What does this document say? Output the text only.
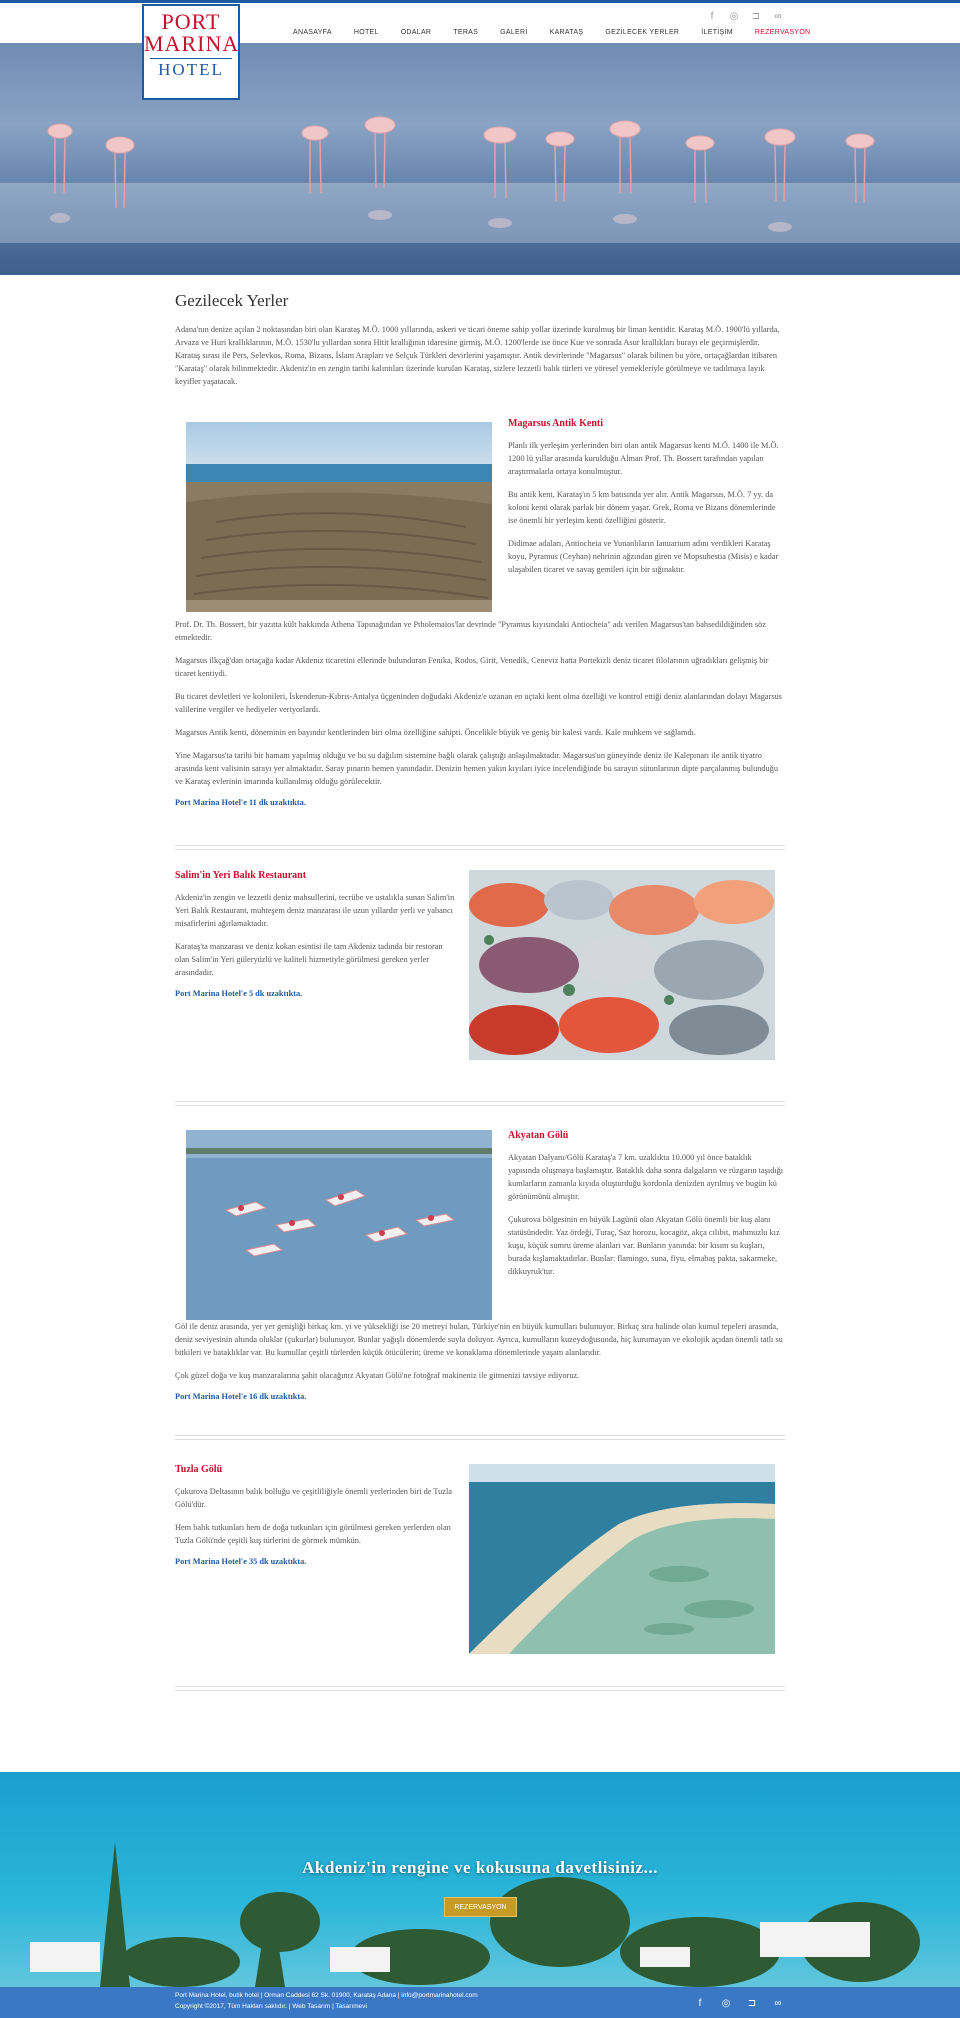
PORT
MARINA
HOTEL
f	◎ ⊐	∞
ANASAYFA	HOTEL	ODALAR	TERAS	GALERİ	KARATAŞ	GEZİLECEK YERLER	İLETİŞİM	REZERVASYON
Gezilecek Yerler

Adana'nın denize açılan 2 noktasından biri olan Karataş M.Ö. 1000 yıllarında, askeri ve ticari öneme sahip yollar üzerinde kurulmuş bir liman kentidir. Karataş M.Ö. 1900'lü yıllarda, Arvaza ve Huri krallıklarının, M.Ö. 1530'lu yıllardan sonra Hitit krallığının idaresine girmiş, M.Ö. 1200'lerde ise önce Kue ve sonrada Asur krallıkları burayı ele geçirmişlerdir. Karataş sırası ile Pers, Selevkos, Roma, Bizans, İslam Arapları ve Selçuk Türkleri devirlerini yaşamıştır. Antik devirlerinde "Magarsus" olarak bilinen bu yöre, ortaçağlardan itibaren "Karataş" olarak bilinmektedir. Akdeniz'in en zengin tarihi kalıntıları üzerinde kurulan Karataş, sizlere lezzetli balık türleri ve yöresel yemekleriyle görülmeye ve tadılmaya layık keyifler yaşatacak.

Magarsus Antik Kenti

Planlı ilk yerleşim yerlerinden biri olan antik Magarsus kenti M.Ö. 1400 ile M.Ö. 1200 lü yıllar arasında kurulduğu Alman Prof. Th. Bossert tarafından yapılan araştırmalarla ortaya konulmuştur.

Bu antik kent, Karataş'ın 5 km batısında yer alır. Antik Magarsus, M.Ö. 7 yy. da koloni kenti olarak parlak bir dönem yaşar. Grek, Roma ve Bizans dönemlerinde ise önemli bir yerleşim kenti özelliğini gösterir.

Didimae adaları, Antiocheia ve Yunanlıların Ianuarium adını verdikleri Karataş koyu, Pyramus (Ceyhan) nehrinin ağzından giren ve Mopsuhestia (Misis) e kadar ulaşabilen ticaret ve savaş gemileri için bir sığınaktır.

Prof. Dr. Th. Bossert, bir yazıtta kült hakkında Athena Tapınağından ve Ptholemaios'lar devrinde "Pyramus kıyısındaki Antiocheia" adı verilen Magarsus'tan bahsedildiğinden söz etmektedir.

Magarsus ilkçağ'dan ortaçağa kadar Akdeniz ticaretini ellerinde bulunduran Fenika, Rodos, Girit, Venedik, Ceneviz hatta Portekizli deniz ticaret filolarının uğradıkları gelişmiş bir ticaret kentiydi.

Bu ticaret devletleri ve kolonileri, İskenderun-Kıbrıs-Antalya üçgeninden doğudaki Akdeniz'e uzanan en uçtaki kent olma özelliği ve kontrol ettiği deniz alanlarından dolayı Magarsus valilerine vergiler ve hediyeler veriyorlardı.

Magarsus Antik kenti, döneminin en bayındır kentlerinden biri olma özelliğine sahipti. Öncelikle büyük ve geniş bir kalesi vardı. Kale muhkem ve sağlamdı.

Yine Magarsus'ta tarihi bir hamam yapılmış olduğu ve bu su dağılım sistemine bağlı olarak çalıştığı anlaşılmaktadır. Magarsus'un güneyinde deniz ile Kalepınarı ile antik tiyatro arasında kent valisinin sarayı yer almaktadır. Saray pınarın hemen yanındadır. Denizin hemen yakın kıyıları iyice incelendiğinde bu sarayın sütunlarının dipte parçalanmış bulunduğu ve Karataş evlerinin imarında kullanılmış olduğu görülecektir.

Port Marina Hotel'e 11 dk uzaktıkta.
Salim'in Yeri Balık Restaurant

Akdeniz'in zengin ve lezzetli deniz mahsullerini, tecrübe ve ustalıkla sunan Salim'in Yeri Balık Restaurant, muhteşem deniz manzarası ile uzun yıllardır yerli ve yabancı misafirlerini ağırlamaktadır.

Karataş'ta manzarası ve deniz kokan esintisi ile tam Akdeniz tadında bir restoran olan Salim'in Yeri güleryüzlü ve kaliteli hizmetiyle görülmesi gereken yerler arasındadır.

Port Marina Hotel'e 5 dk uzaktıkta.
Akyatan Gölü

Akyatan Dalyanı/Gölü Karataş'a 7 km. uzaklıkta 10.000 yıl önce bataklık yapısında oluşmaya başlamıştır. Bataklık daha sonra dalgaların ve rüzgarın taşıdığı kumlarların zamanla kıyıda oluşturduğu kordonla denizden ayrılmış ve bugün kü görünümünü almıştır.

Çukurova bölgesinin en büyük Lagünü olan Akyatan Gölü önemli bir kuş alanı statüsündedir. Yaz ördeği, Turaç, Saz horozu, kocagöz, akça cılıbıt, mahmuzlu kız kuşu, küçük sumru üreme alanları var. Bunların yanında: bir kısım su kuşları, burada kışlamaktadırlar. Bunlar: flamingo, suna, fiyu, elmabaş pakta, sakarmeke, dikkuyruk'tur.

Göl ile deniz arasında, yer yer genişliği birkaç km. yi ve yüksekliği ise 20 metreyi bulan, Türkiye'nin en büyük kumulları bulunuyor. Birkaç sıra halinde olan kumul tepeleri arasında, deniz seviyesinin altında oluklar (çukurlar) bulunuyor. Bunlar yağışlı dönemlerde suyla doluyor. Ayrıca, kumulların kuzeydoğusunda, hiç kurumayan ve ekolojik açıdan önemli tatlı su bitkileri ve bataklıklar var. Bu kumullar çeşitli türlerden küçük ötücülerin; üreme ve konaklama dönemlerinde yaşam alanlarıdır.

Çok güzel doğa ve kuş manzaralarına şahit olacağınız Akyatan Gölü'ne fotoğraf makineniz ile gitmenizi tavsiye ediyoruz.

Port Marina Hotel'e 16 dk uzaktıkta.
Tuzla Gölü

Çukurova Deltasının balık bolluğu ve çeşitliliğiyle önemli yerlerinden biri de Tuzla Gölü'dür.

Hem balık tutkunları hem de doğa tutkunları için görülmesi gereken yerlerden olan Tuzla Gölü'nde çeşitli kuş türlerini de görmek mümkün.

Port Marina Hotel'e 35 dk uzaktıkta.
Akdeniz'in rengine ve kokusuna davetlisiniz...
REZERVASYON
Port Marina Hotel, butik hotel | Orman Caddesi 62 Sk. 01900, Karataş Adana | info@portmarinahotel.com
Copyright ©2017, Tüm Hakları saklıdır. | Web Tasarım | Tasarımevi	f	◎ ⊐	∞
